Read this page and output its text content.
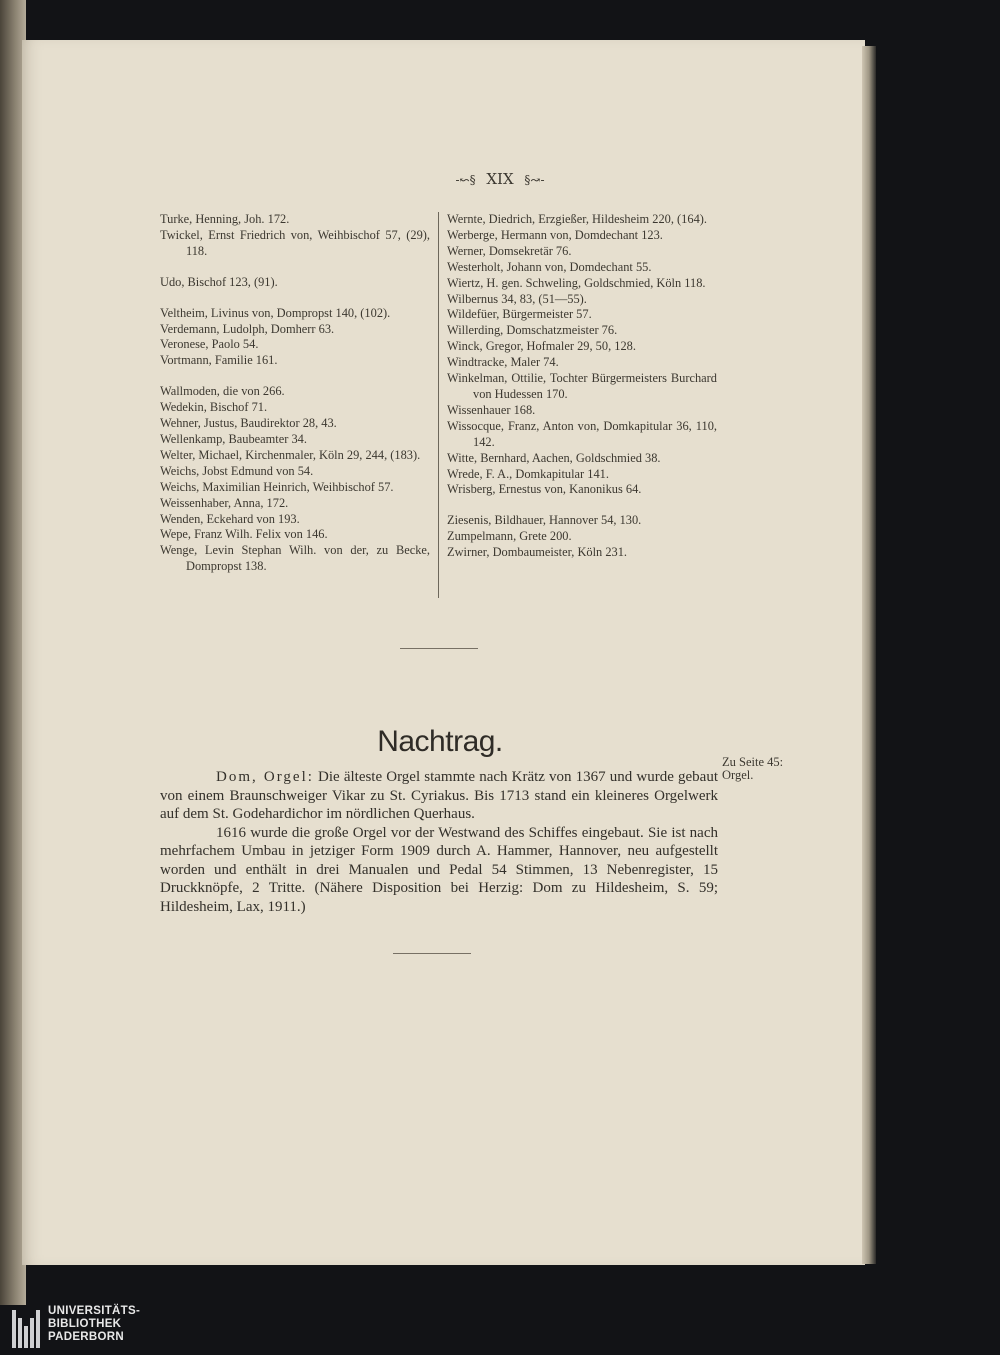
-↜§ XIX §↝-
Turke, Henning, Joh. 172.
Twickel, Ernst Friedrich von, Weihbischof 57, (29), 118.
Udo, Bischof 123, (91).
Veltheim, Livinus von, Dompropst 140, (102).
Verdemann, Ludolph, Domherr 63.
Veronese, Paolo 54.
Vortmann, Familie 161.
Wallmoden, die von 266.
Wedekin, Bischof 71.
Wehner, Justus, Baudirektor 28, 43.
Wellenkamp, Baubeamter 34.
Welter, Michael, Kirchenmaler, Köln 29, 244, (183).
Weichs, Jobst Edmund von 54.
Weichs, Maximilian Heinrich, Weihbischof 57.
Weissenhaber, Anna, 172.
Wenden, Eckehard von 193.
Wepe, Franz Wilh. Felix von 146.
Wenge, Levin Stephan Wilh. von der, zu Becke, Dompropst 138.
Wernte, Diedrich, Erzgießer, Hildesheim 220, (164).
Werberge, Hermann von, Domdechant 123.
Werner, Domsekretär 76.
Westerholt, Johann von, Domdechant 55.
Wiertz, H. gen. Schweling, Goldschmied, Köln 118.
Wilbernus 34, 83, (51—55).
Wildefüer, Bürgermeister 57.
Willerding, Domschatzmeister 76.
Winck, Gregor, Hofmaler 29, 50, 128.
Windtracke, Maler 74.
Winkelman, Ottilie, Tochter Bürgermeisters Burchard von Hudessen 170.
Wissenhauer 168.
Wissocque, Franz, Anton von, Domkapitular 36, 110, 142.
Witte, Bernhard, Aachen, Goldschmied 38.
Wrede, F. A., Domkapitular 141.
Wrisberg, Ernestus von, Kanonikus 64.
Ziesenis, Bildhauer, Hannover 54, 130.
Zumpelmann, Grete 200.
Zwirner, Dombaumeister, Köln 231.
Nachtrag.

Dom, Orgel: Die älteste Orgel stammte nach Krätz von 1367 und wurde gebaut von einem Braunschweiger Vikar zu St. Cyriakus. Bis 1713 stand ein kleineres Orgelwerk auf dem St. Godehardichor im nördlichen Querhaus.

1616 wurde die große Orgel vor der Westwand des Schiffes eingebaut. Sie ist nach mehrfachem Umbau in jetziger Form 1909 durch A. Hammer, Hannover, neu aufgestellt worden und enthält in drei Manualen und Pedal 54 Stimmen, 13 Nebenregister, 15 Druckknöpfe, 2 Tritte. (Nähere Disposition bei Herzig: Dom zu Hildesheim, S. 59; Hildesheim, Lax, 1911.)

Zu Seite 45:
Orgel.
UNIVERSITÄTS-
BIBLIOTHEK
PADERBORN
